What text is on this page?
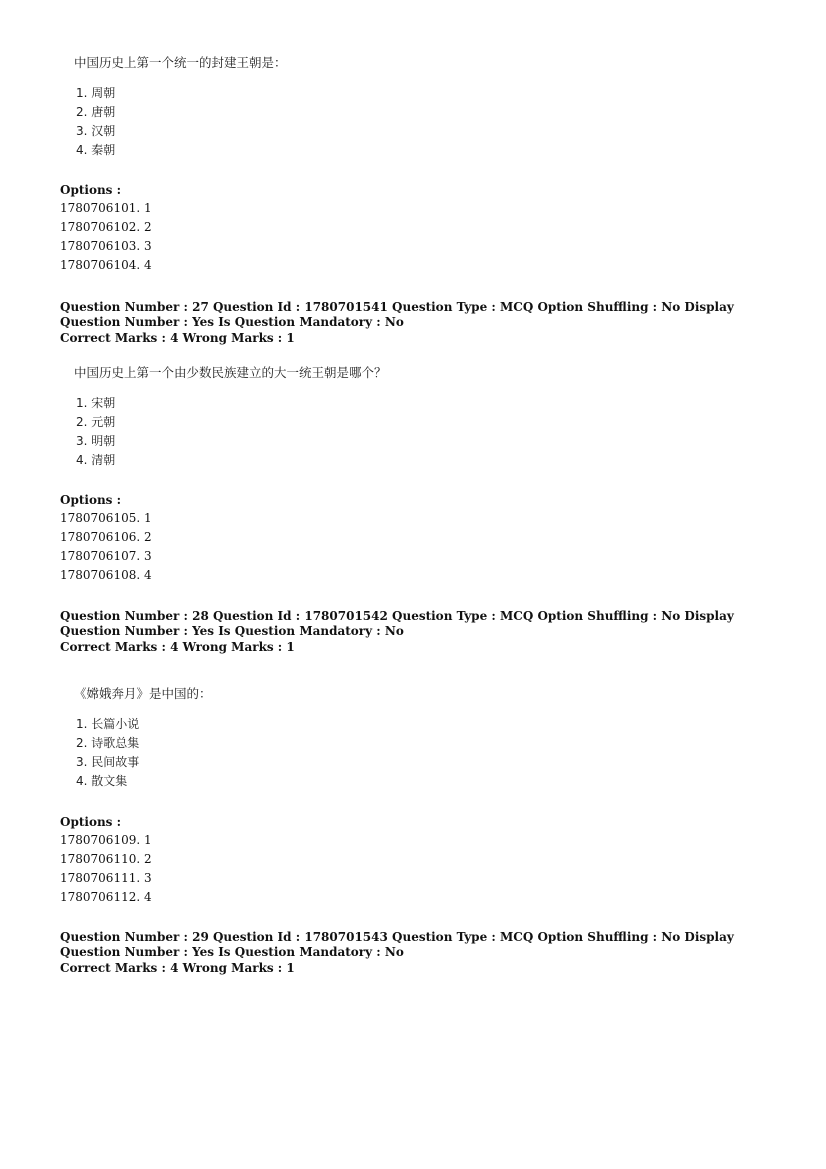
中国历史上第一个统一的封建王朝是：
1. 周朝
2. 唐朝
3. 汉朝
4. 秦朝
Options :
1780706101. 1
1780706102. 2
1780706103. 3
1780706104. 4
Question Number : 27 Question Id : 1780701541 Question Type : MCQ Option Shuffling : No Display Question Number : Yes Is Question Mandatory : No
Correct Marks : 4 Wrong Marks : 1
中国历史上第一个由少数民族建立的大一统王朝是哪个？
1. 宋朝
2. 元朝
3. 明朝
4. 清朝
Options :
1780706105. 1
1780706106. 2
1780706107. 3
1780706108. 4
Question Number : 28 Question Id : 1780701542 Question Type : MCQ Option Shuffling : No Display Question Number : Yes Is Question Mandatory : No
Correct Marks : 4 Wrong Marks : 1
《嫦娥奔月》是中国的：
1. 长篇小说
2. 诗歌总集
3. 民间故事
4. 散文集
Options :
1780706109. 1
1780706110. 2
1780706111. 3
1780706112. 4
Question Number : 29 Question Id : 1780701543 Question Type : MCQ Option Shuffling : No Display Question Number : Yes Is Question Mandatory : No
Correct Marks : 4 Wrong Marks : 1
